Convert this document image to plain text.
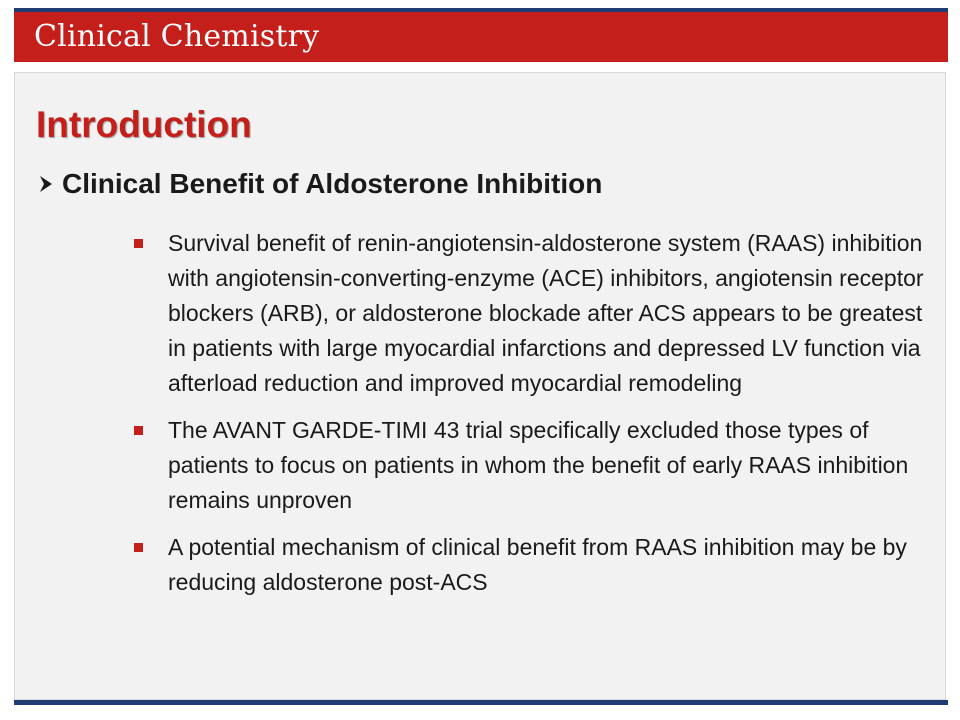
Clinical Chemistry
Introduction
Clinical Benefit of Aldosterone Inhibition
Survival benefit of renin-angiotensin-aldosterone system (RAAS) inhibition with angiotensin-converting-enzyme (ACE) inhibitors, angiotensin receptor blockers (ARB), or aldosterone blockade after ACS appears to be greatest in patients with large myocardial infarctions and depressed LV function via afterload reduction and improved myocardial remodeling
The AVANT GARDE-TIMI 43 trial specifically excluded those types of patients to focus on patients in whom the benefit of early RAAS inhibition remains unproven
A potential mechanism of clinical benefit from RAAS inhibition may be by reducing aldosterone post-ACS
